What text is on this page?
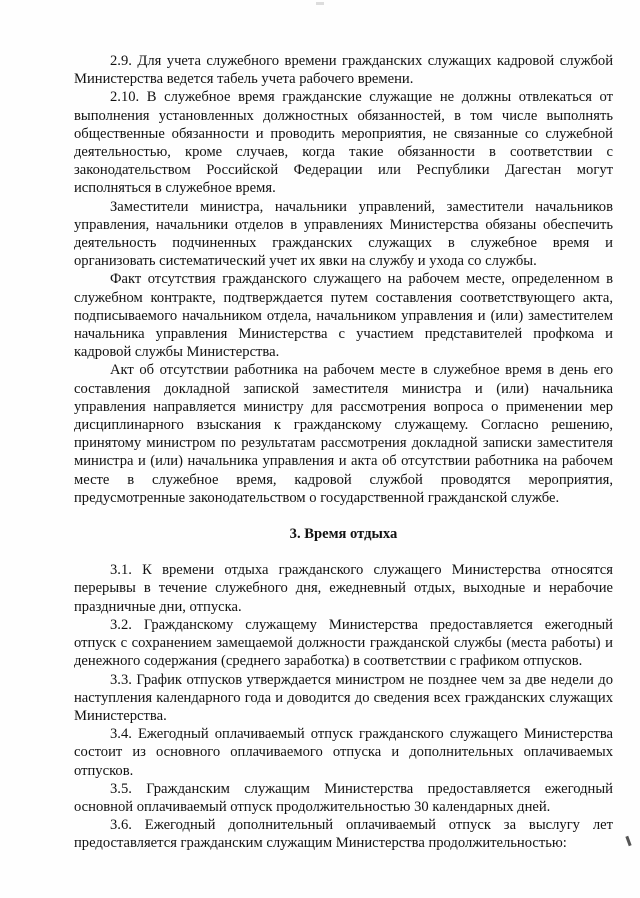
2.9. Для учета служебного времени гражданских служащих кадровой службой Министерства ведется табель учета рабочего времени.

2.10. В служебное время гражданские служащие не должны отвлекаться от выполнения установленных должностных обязанностей, в том числе выполнять общественные обязанности и проводить мероприятия, не связанные со служебной деятельностью, кроме случаев, когда такие обязанности в соответствии с законодательством Российской Федерации или Республики Дагестан могут исполняться в служебное время.

Заместители министра, начальники управлений, заместители начальников управления, начальники отделов в управлениях Министерства обязаны обеспечить деятельность подчиненных гражданских служащих в служебное время и организовать систематический учет их явки на службу и ухода со службы.

Факт отсутствия гражданского служащего на рабочем месте, определенном в служебном контракте, подтверждается путем составления соответствующего акта, подписываемого начальником отдела, начальником управления и (или) заместителем начальника управления Министерства с участием представителей профкома и кадровой службы Министерства.

Акт об отсутствии работника на рабочем месте в служебное время в день его составления докладной запиской заместителя министра и (или) начальника управления направляется министру для рассмотрения вопроса о применении мер дисциплинарного взыскания к гражданскому служащему. Согласно решению, принятому министром по результатам рассмотрения докладной записки заместителя министра и (или) начальника управления и акта об отсутствии работника на рабочем месте в служебное время, кадровой службой проводятся мероприятия, предусмотренные законодательством о государственной гражданской службе.

3. Время отдыха

3.1. К времени отдыха гражданского служащего Министерства относятся перерывы в течение служебного дня, ежедневный отдых, выходные и нерабочие праздничные дни, отпуска.

3.2. Гражданскому служащему Министерства предоставляется ежегодный отпуск с сохранением замещаемой должности гражданской службы (места работы) и денежного содержания (среднего заработка) в соответствии с графиком отпусков.

3.3. График отпусков утверждается министром не позднее чем за две недели до наступления календарного года и доводится до сведения всех гражданских служащих Министерства.

3.4. Ежегодный оплачиваемый отпуск гражданского служащего Министерства состоит из основного оплачиваемого отпуска и дополнительных оплачиваемых отпусков.

3.5. Гражданским служащим Министерства предоставляется ежегодный основной оплачиваемый отпуск продолжительностью 30 календарных дней.

3.6. Ежегодный дополнительный оплачиваемый отпуск за выслугу лет предоставляется гражданским служащим Министерства продолжительностью:
